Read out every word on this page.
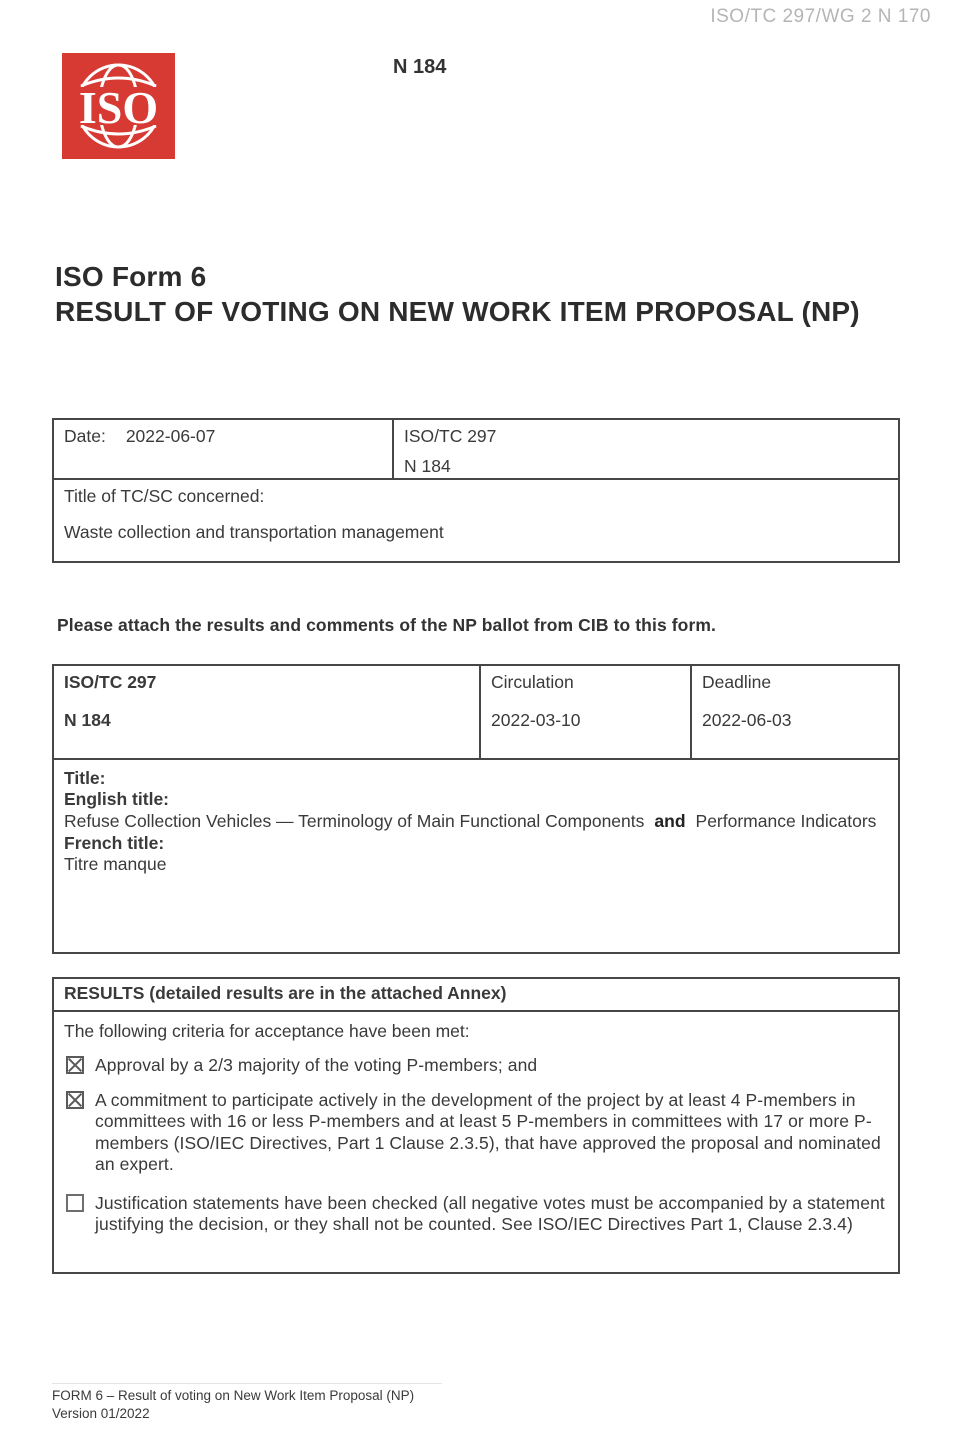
ISO/TC 297/WG 2 N 170
ISO
N 184
ISO Form 6
RESULT OF VOTING ON NEW WORK ITEM PROPOSAL (NP)
Date: 2022-06-07	ISO/TC 297
N 184
Title of TC/SC concerned:
Waste collection and transportation management
Please attach the results and comments of the NP ballot from CIB to this form.
ISO/TC 297
N 184
Circulation
2022-03-10
Deadline
2022-06-03

Title:

English title:

Refuse Collection Vehicles — Terminology of Main Functional Components and Performance Indicators

French title:

Titre manque

RESULTS (detailed results are in the attached Annex)
The following criteria for acceptance have been met:
Approval by a 2/3 majority of the voting P-members; and
A commitment to participate actively in the development of the project by at least 4 P-members in committees with 16 or less P-members and at least 5 P-members in committees with 17 or more P-members (ISO/IEC Directives, Part 1 Clause 2.3.5), that have approved the proposal and nominated an expert.
Justification statements have been checked (all negative votes must be accompanied by a statement justifying the decision, or they shall not be counted. See ISO/IEC Directives Part 1, Clause 2.3.4)
FORM 6 – Result of voting on New Work Item Proposal (NP)
Version 01/2022
